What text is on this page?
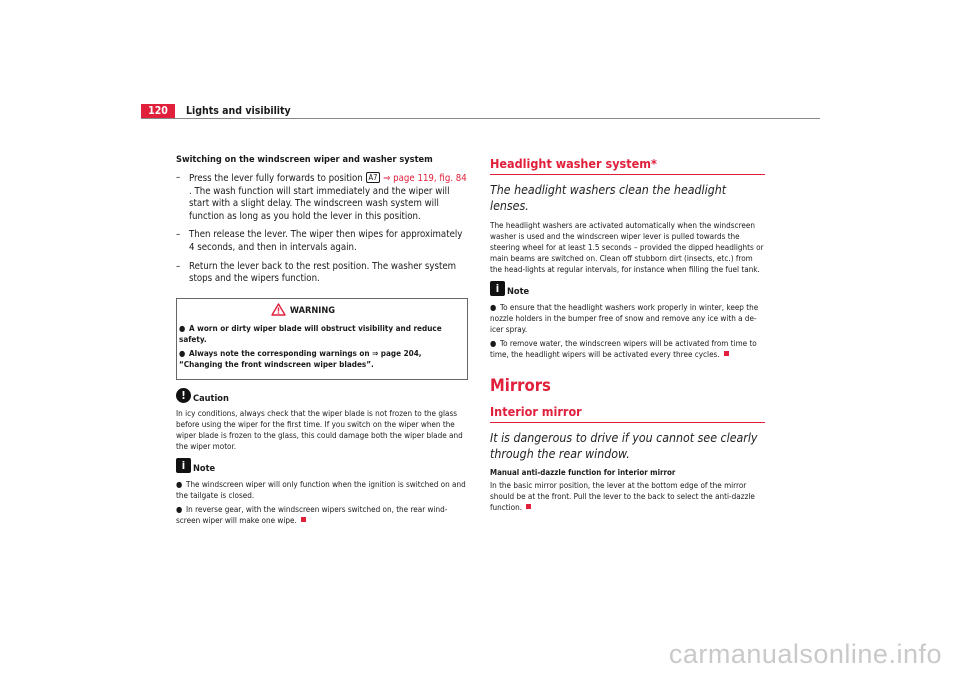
120	Lights and visibility
Switching on the windscreen wiper and washer system
– Press the lever fully forwards to position A7 ⇒ page 119, fig. 84 . The wash function will start immediately and the wiper will start with a slight delay. The windscreen wash system will function as long as you hold the lever in this position.
– Then release the lever. The wiper then wipes for approximately 4 seconds, and then in intervals again.
– Return the lever back to the rest position. The washer system stops and the wipers function.
WARNING
● A worn or dirty wiper blade will obstruct visibility and reduce safety.
● Always note the corresponding warnings on ⇒ page 204, “Changing the front windscreen wiper blades”.
! Caution

In icy conditions, always check that the wiper blade is not frozen to the glass before using the wiper for the first time. If you switch on the wiper when the wiper blade is frozen to the glass, this could damage both the wiper blade and the wiper motor.

i Note
● The windscreen wiper will only function when the ignition is switched on and the tailgate is closed.
● In reverse gear, with the windscreen wipers switched on, the rear wind-screen wiper will make one wipe.
Headlight washer system*
The headlight washers clean the headlight lenses.

The headlight washers are activated automatically when the windscreen washer is used and the windscreen wiper lever is pulled towards the steering wheel for at least 1.5 seconds – provided the dipped headlights or main beams are switched on. Clean off stubborn dirt (insects, etc.) from the head-lights at regular intervals, for instance when filling the fuel tank.

i Note
● To ensure that the headlight washers work properly in winter, keep the nozzle holders in the bumper free of snow and remove any ice with a de-icer spray.
● To remove water, the windscreen wipers will be activated from time to time, the headlight wipers will be activated every three cycles.
Mirrors
Interior mirror
It is dangerous to drive if you cannot see clearly through the rear window.
Manual anti-dazzle function for interior mirror
In the basic mirror position, the lever at the bottom edge of the mirror should be at the front. Pull the lever to the back to select the anti-dazzle function.
carmanualsonline.info
